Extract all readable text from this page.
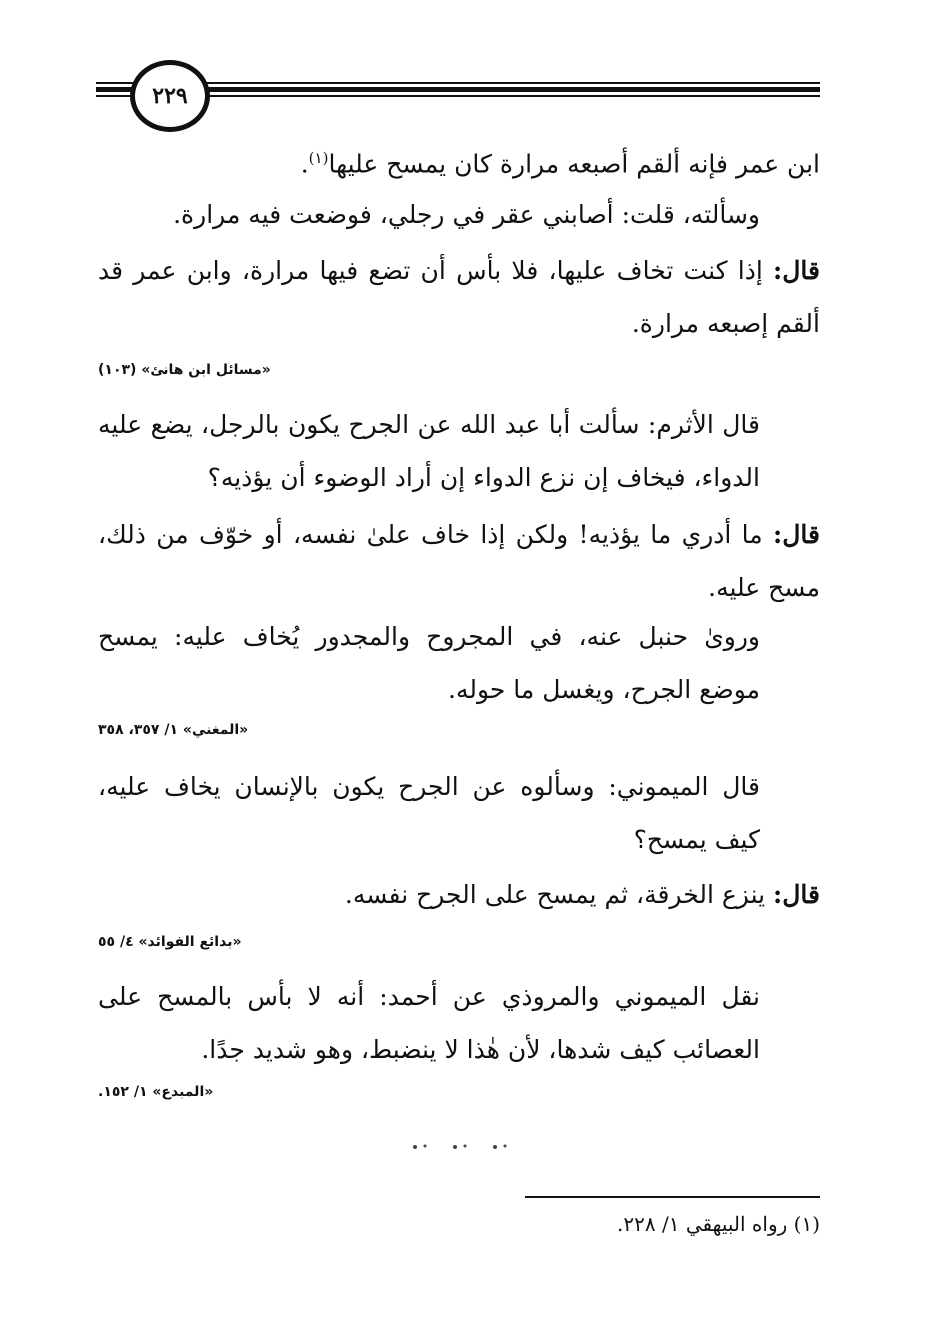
٢٢٩

ابن عمر فإنه ألقم أصبعه مرارة كان يمسح عليها$^{(١)}$.

وسألته، قلت: أصابني عقر في رجلي، فوضعت فيه مرارة.

قال: إذا كنت تخاف عليها، فلا بأس أن تضع فيها مرارة، وابن عمر قد ألقم إصبعه مرارة.

«مسائل ابن هانئ» (١٠٣)

قال الأثرم: سألت أبا عبد الله عن الجرح يكون بالرجل، يضع عليه الدواء، فيخاف إن نزع الدواء إن أراد الوضوء أن يؤذيه؟

قال: ما أدري ما يؤذيه! ولكن إذا خاف علىٰ نفسه، أو خوّف من ذلك، مسح عليه.

ورویٰ حنبل عنه، في المجروح والمجدور يُخاف عليه: يمسح موضع الجرح، ويغسل ما حوله.

«المغني» ١/ ٣٥٧، ٣٥٨

قال الميموني: وسألوه عن الجرح يكون بالإنسان يخاف عليه، كيف يمسح؟

قال: ينزع الخرقة، ثم يمسح على الجرح نفسه.

«بدائع الفوائد» ٤/ ٥٥

نقل الميموني والمروذي عن أحمد: أنه لا بأس بالمسح على العصائب كيف شدها، لأن هٰذا لا ينضبط، وهو شديد جدًا.

«المبدع» ١/ ١٥٢.
(١) رواه البيهقي ١/ ٢٢٨.
